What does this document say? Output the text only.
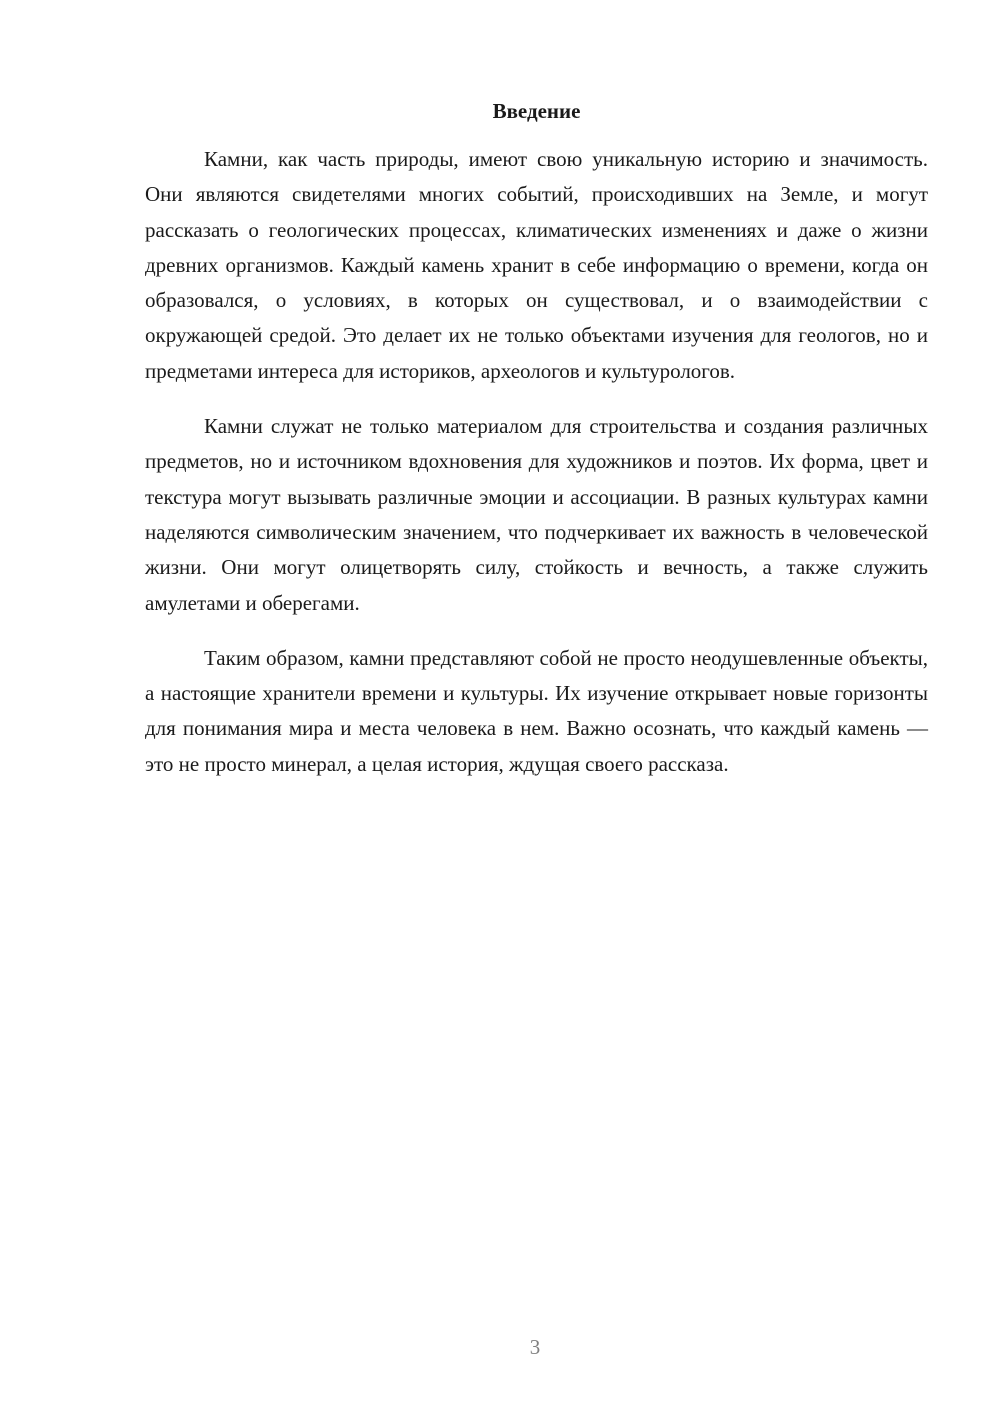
Введение

Камни, как часть природы, имеют свою уникальную историю и значимость. Они являются свидетелями многих событий, происходивших на Земле, и могут рассказать о геологических процессах, климатических изменениях и даже о жизни древних организмов. Каждый камень хранит в себе информацию о времени, когда он образовался, о условиях, в которых он существовал, и о взаимодействии с окружающей средой. Это делает их не только объектами изучения для геологов, но и предметами интереса для историков, археологов и культурологов.

Камни служат не только материалом для строительства и создания различных предметов, но и источником вдохновения для художников и поэтов. Их форма, цвет и текстура могут вызывать различные эмоции и ассоциации. В разных культурах камни наделяются символическим значением, что подчеркивает их важность в человеческой жизни. Они могут олицетворять силу, стойкость и вечность, а также служить амулетами и оберегами.

Таким образом, камни представляют собой не просто неодушевленные объекты, а настоящие хранители времени и культуры. Их изучение открывает новые горизонты для понимания мира и места человека в нем. Важно осознать, что каждый камень — это не просто минерал, а целая история, ждущая своего рассказа.

3
